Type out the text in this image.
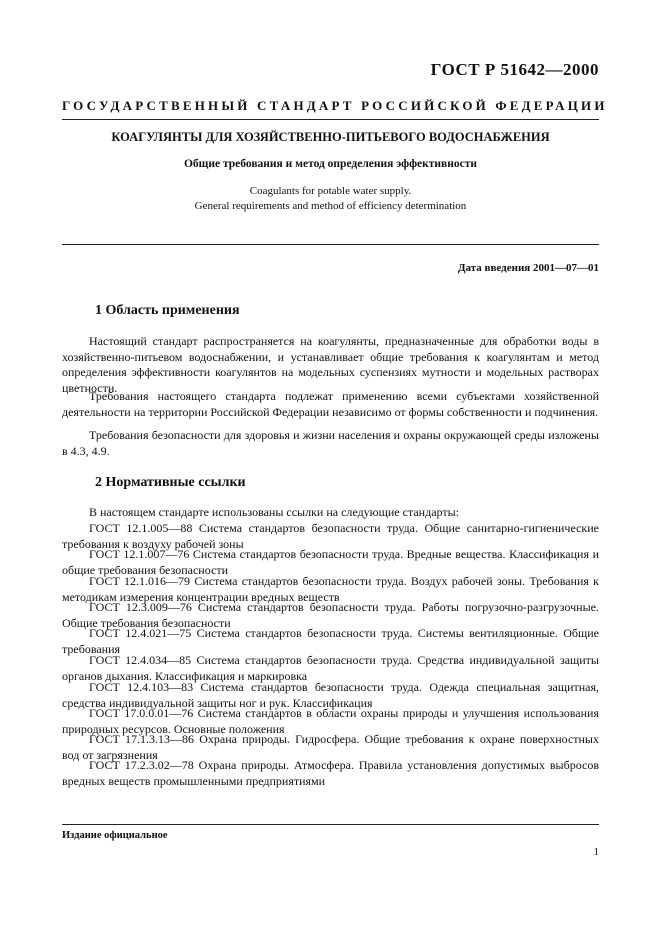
ГОСТ Р 51642—2000
ГОСУДАРСТВЕННЫЙ СТАНДАРТ РОССИЙСКОЙ ФЕДЕРАЦИИ
КОАГУЛЯНТЫ ДЛЯ ХОЗЯЙСТВЕННО-ПИТЬЕВОГО ВОДОСНАБЖЕНИЯ
Общие требования и метод определения эффективности
Coagulants for potable water supply.
General requirements and method of efficiency determination
Дата введения 2001—07—01
1 Область применения
Настоящий стандарт распространяется на коагулянты, предназначенные для обработки воды в хозяйственно-питьевом водоснабжении, и устанавливает общие требования к коагулянтам и метод определения эффективности коагулянтов на модельных суспензиях мутности и модельных растворах цветности.
Требования настоящего стандарта подлежат применению всеми субъектами хозяйственной деятельности на территории Российской Федерации независимо от формы собственности и подчинения.
Требования безопасности для здоровья и жизни населения и охраны окружающей среды изложены в 4.3, 4.9.
2 Нормативные ссылки
В настоящем стандарте использованы ссылки на следующие стандарты:
ГОСТ 12.1.005—88 Система стандартов безопасности труда. Общие санитарно-гигиенические требования к воздуху рабочей зоны
ГОСТ 12.1.007—76 Система стандартов безопасности труда. Вредные вещества. Классификация и общие требования безопасности
ГОСТ 12.1.016—79 Система стандартов безопасности труда. Воздух рабочей зоны. Требования к методикам измерения концентрации вредных веществ
ГОСТ 12.3.009—76 Система стандартов безопасности труда. Работы погрузочно-разгрузочные. Общие требования безопасности
ГОСТ 12.4.021—75 Система стандартов безопасности труда. Системы вентиляционные. Общие требования
ГОСТ 12.4.034—85 Система стандартов безопасности труда. Средства индивидуальной защиты органов дыхания. Классификация и маркировка
ГОСТ 12.4.103—83 Система стандартов безопасности труда. Одежда специальная защитная, средства индивидуальной защиты ног и рук. Классификация
ГОСТ 17.0.0.01—76 Система стандартов в области охраны природы и улучшения использования природных ресурсов. Основные положения
ГОСТ 17.1.3.13—86 Охрана природы. Гидросфера. Общие требования к охране поверхностных вод от загрязнения
ГОСТ 17.2.3.02—78 Охрана природы. Атмосфера. Правила установления допустимых выбросов вредных веществ промышленными предприятиями
Издание официальное
1
